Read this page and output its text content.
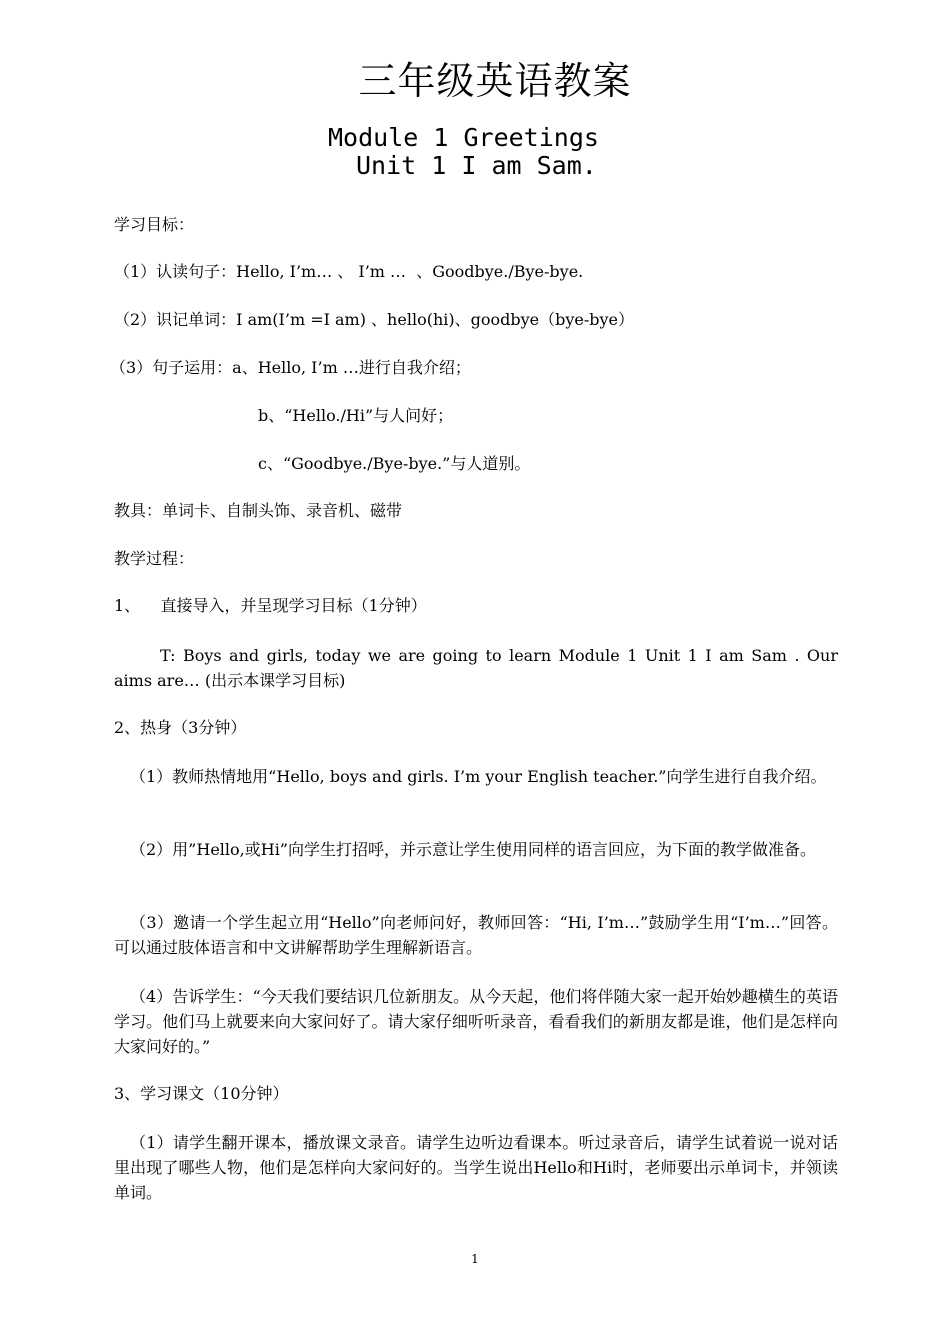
三年级英语教案
Module 1 Greetings
Unit 1 I am Sam.
学习目标：
（1）认读句子：Hello, I’m… 、 I’m …  、Goodbye./Bye-bye.
（2）识记单词：I am(I’m =I am) 、hello(hi)、goodbye（bye-bye）
（3）句子运用：a、Hello, I’m …进行自我介绍；
b、“Hello./Hi”与人问好；
c、“Goodbye./Bye-bye.”与人道别。
教具：单词卡、自制头饰、录音机、磁带
教学过程：
1、    直接导入，并呈现学习目标（1分钟）
T: Boys and girls, today we are going to learn Module 1 Unit 1 I am Sam . Our aims are… (出示本课学习目标)
2、热身（3分钟）
（1）教师热情地用“Hello, boys and girls. I’m your English teacher.”向学生进行自我介绍。
（2）用”Hello,或Hi”向学生打招呼，并示意让学生使用同样的语言回应，为下面的教学做准备。
（3）邀请一个学生起立用“Hello”向老师问好，教师回答：“Hi, I’m…”鼓励学生用“I’m…”回答。可以通过肢体语言和中文讲解帮助学生理解新语言。
（4）告诉学生：“今天我们要结识几位新朋友。从今天起，他们将伴随大家一起开始妙趣横生的英语学习。他们马上就要来向大家问好了。请大家仔细听听录音，看看我们的新朋友都是谁，他们是怎样向大家问好的。”
3、学习课文（10分钟）
（1）请学生翻开课本，播放课文录音。请学生边听边看课本。听过录音后，请学生试着说一说对话里出现了哪些人物，他们是怎样向大家问好的。当学生说出Hello和Hi时，老师要出示单词卡，并领读单词。
1
